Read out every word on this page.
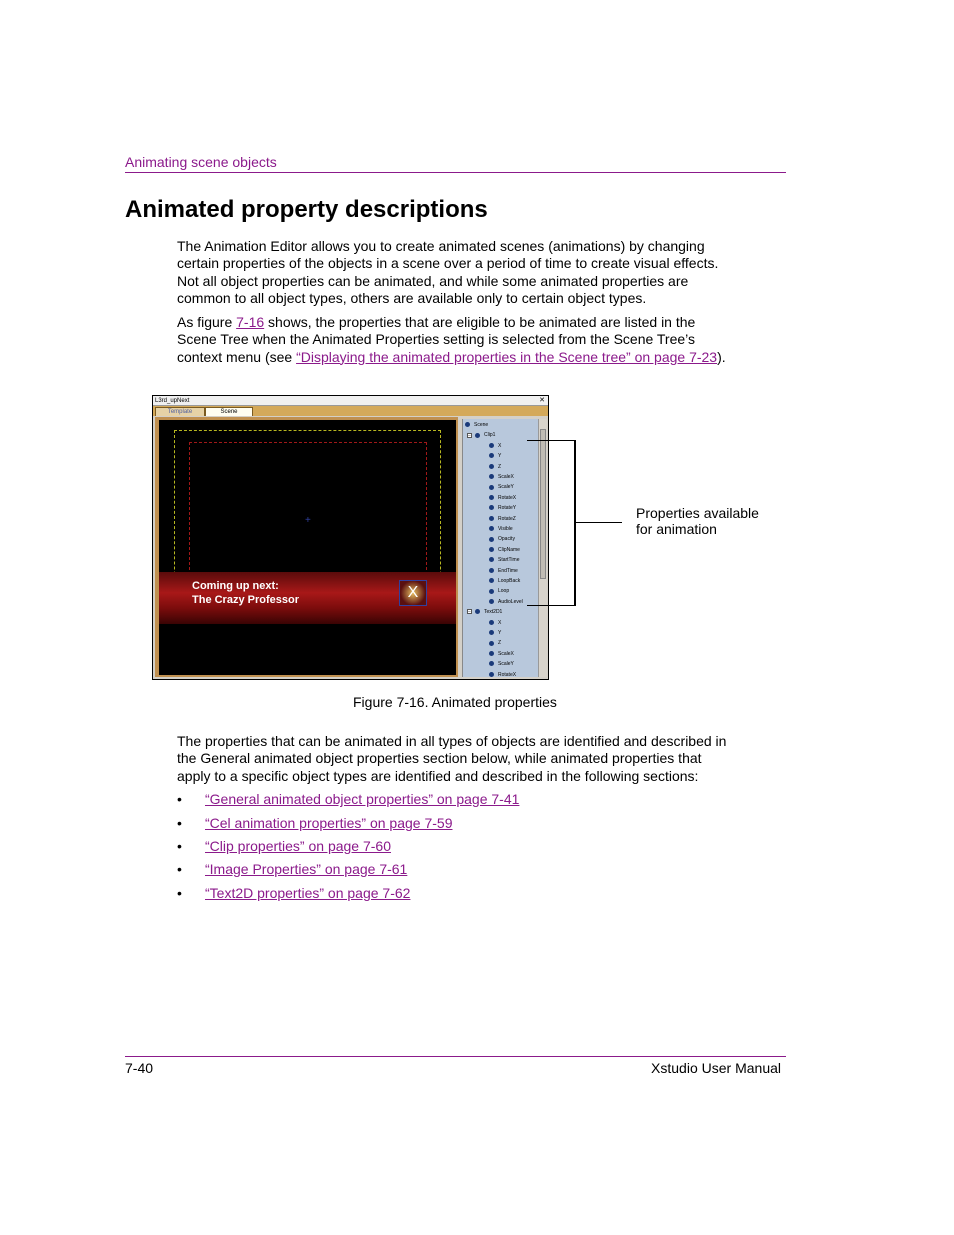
Animating scene objects
Animated property descriptions
The Animation Editor allows you to create animated scenes (animations) by changing certain properties of the objects in a scene over a period of time to create visual effects. Not all object properties can be animated, and while some animated properties are common to all object types, others are available only to certain object types.
As figure 7-16 shows, the properties that are eligible to be animated are listed in the Scene Tree when the Animated Properties setting is selected from the Scene Tree’s context menu (see “Displaying the animated properties in the Scene tree” on page 7-23).
L3rd_upNext	✕
Template	Scene
+
Coming up next:
The Crazy Professor	X
Scene
−	Clip1
X
Y
Z
ScaleX
ScaleY
RotateX
RotateY
RotateZ
Visible
Opacity
ClipName
StartTime
EndTime
LoopBack
Loop
AudioLevel
−	Text2D1
X
Y
Z
ScaleX
ScaleY
RotateX
Properties available
for animation
Figure 7-16. Animated properties
The properties that can be animated in all types of objects are identified and described in the General animated object properties section below, while animated properties that apply to a specific object types are identified and described in the following sections:
• “General animated object properties” on page 7-41
• “Cel animation properties” on page 7-59
• “Clip properties” on page 7-60
• “Image Properties” on page 7-61
• “Text2D properties” on page 7-62
7-40	Xstudio User Manual
